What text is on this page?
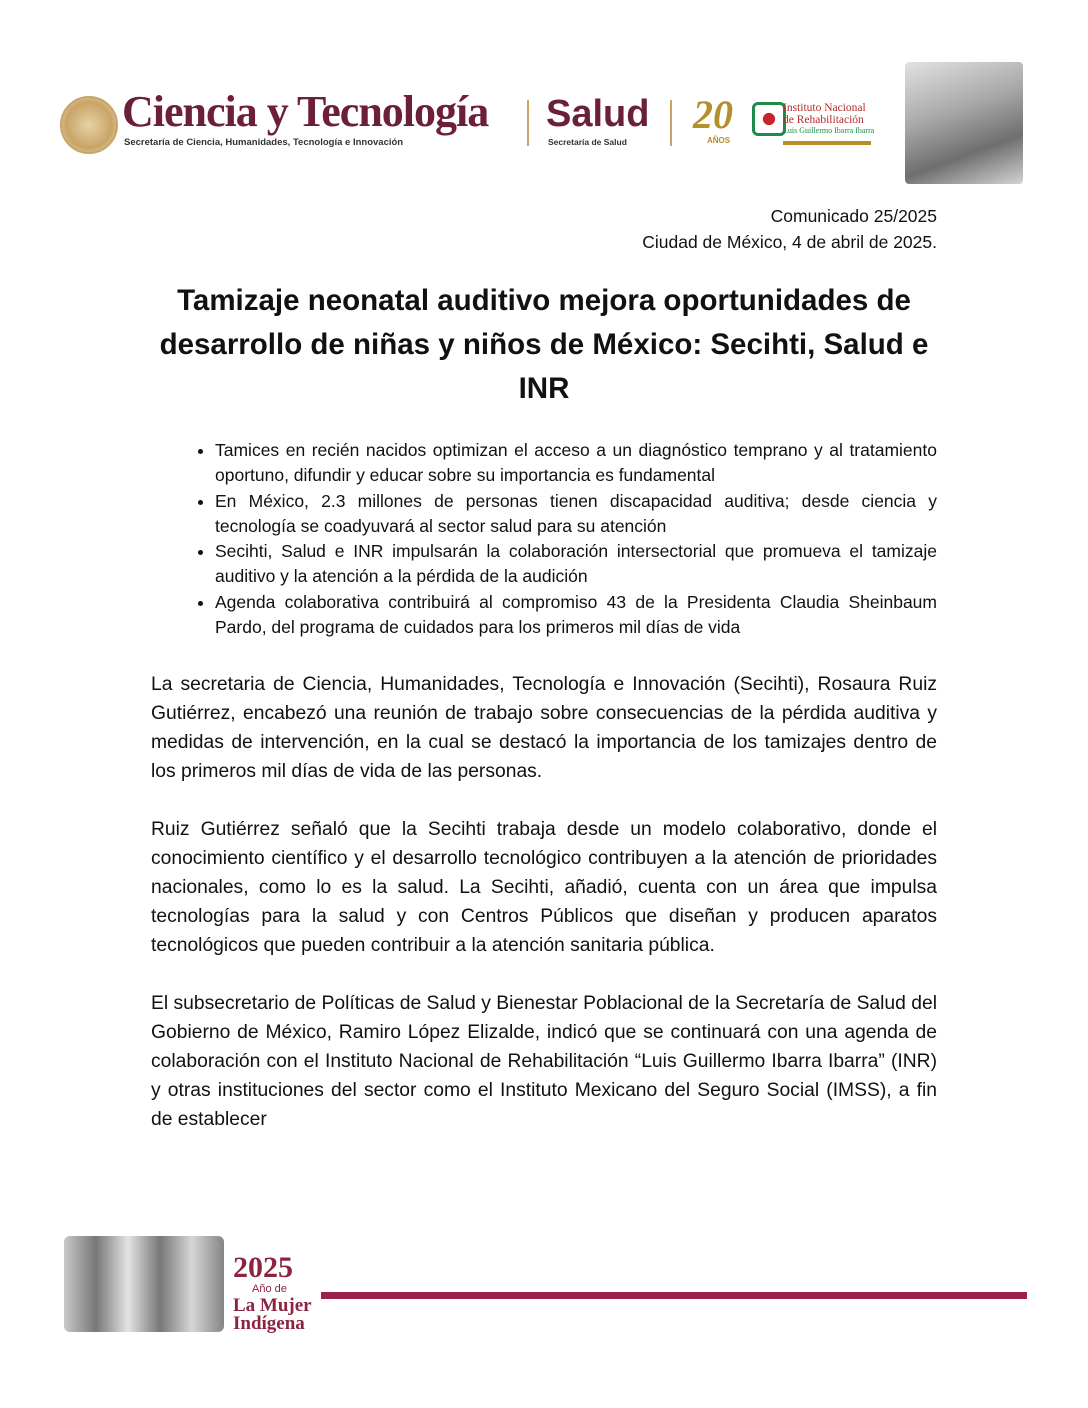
Ciencia y Tecnología
Secretaría de Ciencia, Humanidades, Tecnología e Innovación
Salud
Secretaría de Salud
20
AÑOS
Instituto Nacional
de Rehabilitación
Luis Guillermo Ibarra Ibarra
Comunicado 25/2025
Ciudad de México, 4 de abril de 2025.
Tamizaje neonatal auditivo mejora oportunidades de desarrollo de niñas y niños de México: Secihti, Salud e INR
• Tamices en recién nacidos optimizan el acceso a un diagnóstico temprano y al tratamiento oportuno, difundir y educar sobre su importancia es fundamental
• En México, 2.3 millones de personas tienen discapacidad auditiva; desde ciencia y tecnología se coadyuvará al sector salud para su atención
• Secihti, Salud e INR impulsarán la colaboración intersectorial que promueva el tamizaje auditivo y la atención a la pérdida de la audición
• Agenda colaborativa contribuirá al compromiso 43 de la Presidenta Claudia Sheinbaum Pardo, del programa de cuidados para los primeros mil días de vida

La secretaria de Ciencia, Humanidades, Tecnología e Innovación (Secihti), Rosaura Ruiz Gutiérrez, encabezó una reunión de trabajo sobre consecuencias de la pérdida auditiva y medidas de intervención, en la cual se destacó la importancia de los tamizajes dentro de los primeros mil días de vida de las personas.

Ruiz Gutiérrez señaló que la Secihti trabaja desde un modelo colaborativo, donde el conocimiento científico y el desarrollo tecnológico contribuyen a la atención de prioridades nacionales, como lo es la salud. La Secihti, añadió, cuenta con un área que impulsa tecnologías para la salud y con Centros Públicos que diseñan y producen aparatos tecnológicos que pueden contribuir a la atención sanitaria pública.

El subsecretario de Políticas de Salud y Bienestar Poblacional de la Secretaría de Salud del Gobierno de México, Ramiro López Elizalde, indicó que se continuará con una agenda de colaboración con el Instituto Nacional de Rehabilitación “Luis Guillermo Ibarra Ibarra” (INR) y otras instituciones del sector como el Instituto Mexicano del Seguro Social (IMSS), a fin de establecer

2025
Año de
La Mujer
Indígena
